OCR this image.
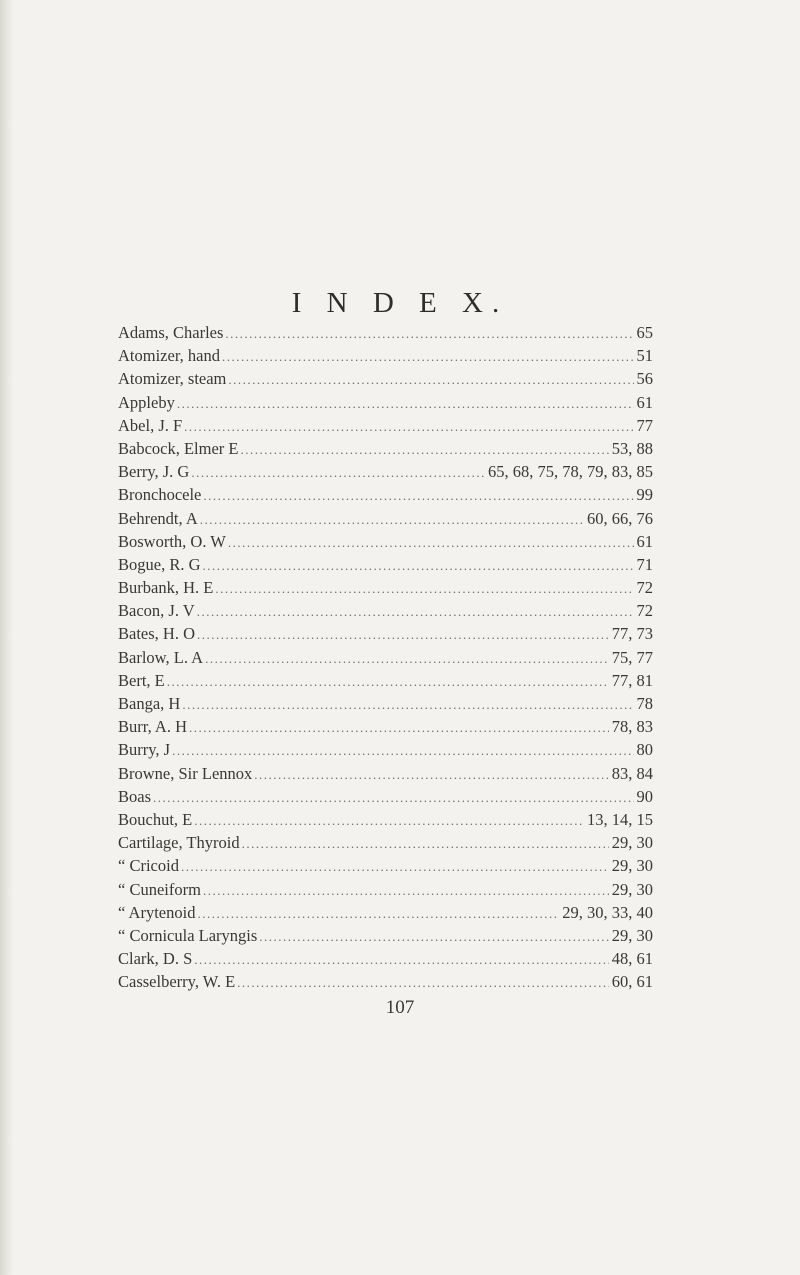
I N D E X.
Adams, Charles .....	65
Atomizer, hand .....	51
Atomizer, steam .....	56
Appleby .....	61
Abel, J. F .....	77
Babcock, Elmer E .....	53, 88
Berry, J. G .....	65, 68, 75, 78, 79, 83, 85
Bronchocele .....	99
Behrendt, A .....	60, 66, 76
Bosworth, O. W .....	61
Bogue, R. G .....	71
Burbank, H. E .....	72
Bacon, J. V .....	72
Bates, H. O .....	77, 73
Barlow, L. A .....	75, 77
Bert, E .....	77, 81
Banga, H .....	78
Burr, A. H .....	78, 83
Burry, J .....	80
Browne, Sir Lennox .....	83, 84
Boas .....	90
Bouchut, E .....	13, 14, 15
Cartilage, Thyroid .....	29, 30
“ Cricoid .....	29, 30
“ Cuneiform .....	29, 30
“ Arytenoid .....	29, 30, 33, 40
“ Cornicula Laryngis .....	29, 30
Clark, D. S .....	48, 61
Casselberry, W. E .....	60, 61
107
